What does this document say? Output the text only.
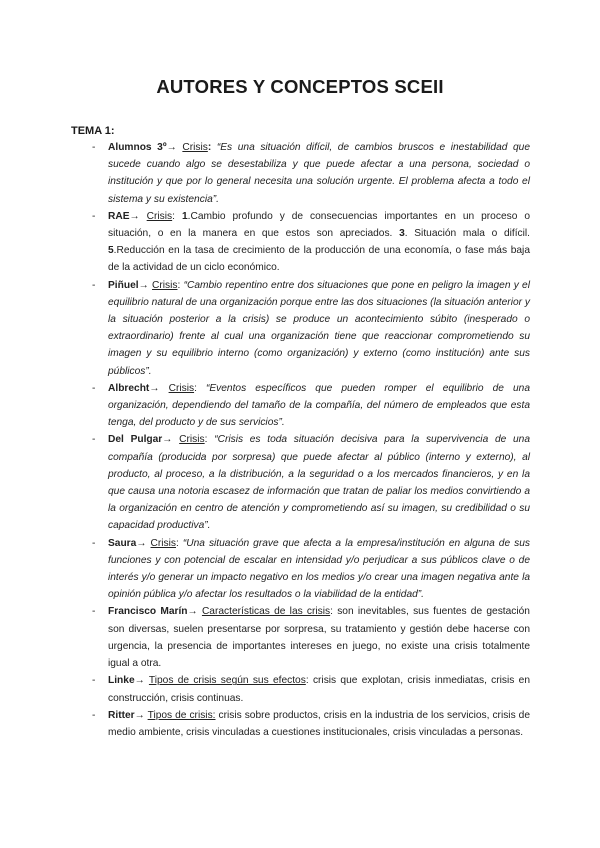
AUTORES Y CONCEPTOS SCEII
TEMA 1:
- Alumnos 3º→ Crisis: “Es una situación difícil, de cambios bruscos e inestabilidad que sucede cuando algo se desestabiliza y que puede afectar a una persona, sociedad o institución y que por lo general necesita una solución urgente. El problema afecta a todo el sistema y su existencia”.
- RAE→ Crisis: 1.Cambio profundo y de consecuencias importantes en un proceso o situación, o en la manera en que estos son apreciados. 3. Situación mala o difícil. 5.Reducción en la tasa de crecimiento de la producción de una economía, o fase más baja de la actividad de un ciclo económico.
- Piñuel→ Crisis: “Cambio repentino entre dos situaciones que pone en peligro la imagen y el equilibrio natural de una organización porque entre las dos situaciones (la situación anterior y la situación posterior a la crisis) se produce un acontecimiento súbito (inesperado o extraordinario) frente al cual una organización tiene que reaccionar comprometiendo su imagen y su equilibrio interno (como organización) y externo (como institución) ante sus públicos”.
- Albrecht→ Crisis: “Eventos específicos que pueden romper el equilibrio de una organización, dependiendo del tamaño de la compañía, del número de empleados que esta tenga, del producto y de sus servicios”.
- Del Pulgar→ Crisis: “Crisis es toda situación decisiva para la supervivencia de una compañía (producida por sorpresa) que puede afectar al público (interno y externo), al producto, al proceso, a la distribución, a la seguridad o a los mercados financieros, y en la que causa una notoria escasez de información que tratan de paliar los medios convirtiendo a la organización en centro de atención y comprometiendo así su imagen, su credibilidad o su capacidad productiva”.
- Saura→ Crisis: “Una situación grave que afecta a la empresa/institución en alguna de sus funciones y con potencial de escalar en intensidad y/o perjudicar a sus públicos clave o de interés y/o generar un impacto negativo en los medios y/o crear una imagen negativa ante la opinión pública y/o afectar los resultados o la viabilidad de la entidad”.
- Francisco Marín→ Características de las crisis: son inevitables, sus fuentes de gestación son diversas, suelen presentarse por sorpresa, su tratamiento y gestión debe hacerse con urgencia, la presencia de importantes intereses en juego, no existe una crisis totalmente igual a otra.
- Linke→ Tipos de crisis según sus efectos: crisis que explotan, crisis inmediatas, crisis en construcción, crisis continuas.
- Ritter→ Tipos de crisis: crisis sobre productos, crisis en la industria de los servicios, crisis de medio ambiente, crisis vinculadas a cuestiones institucionales, crisis vinculadas a personas.
